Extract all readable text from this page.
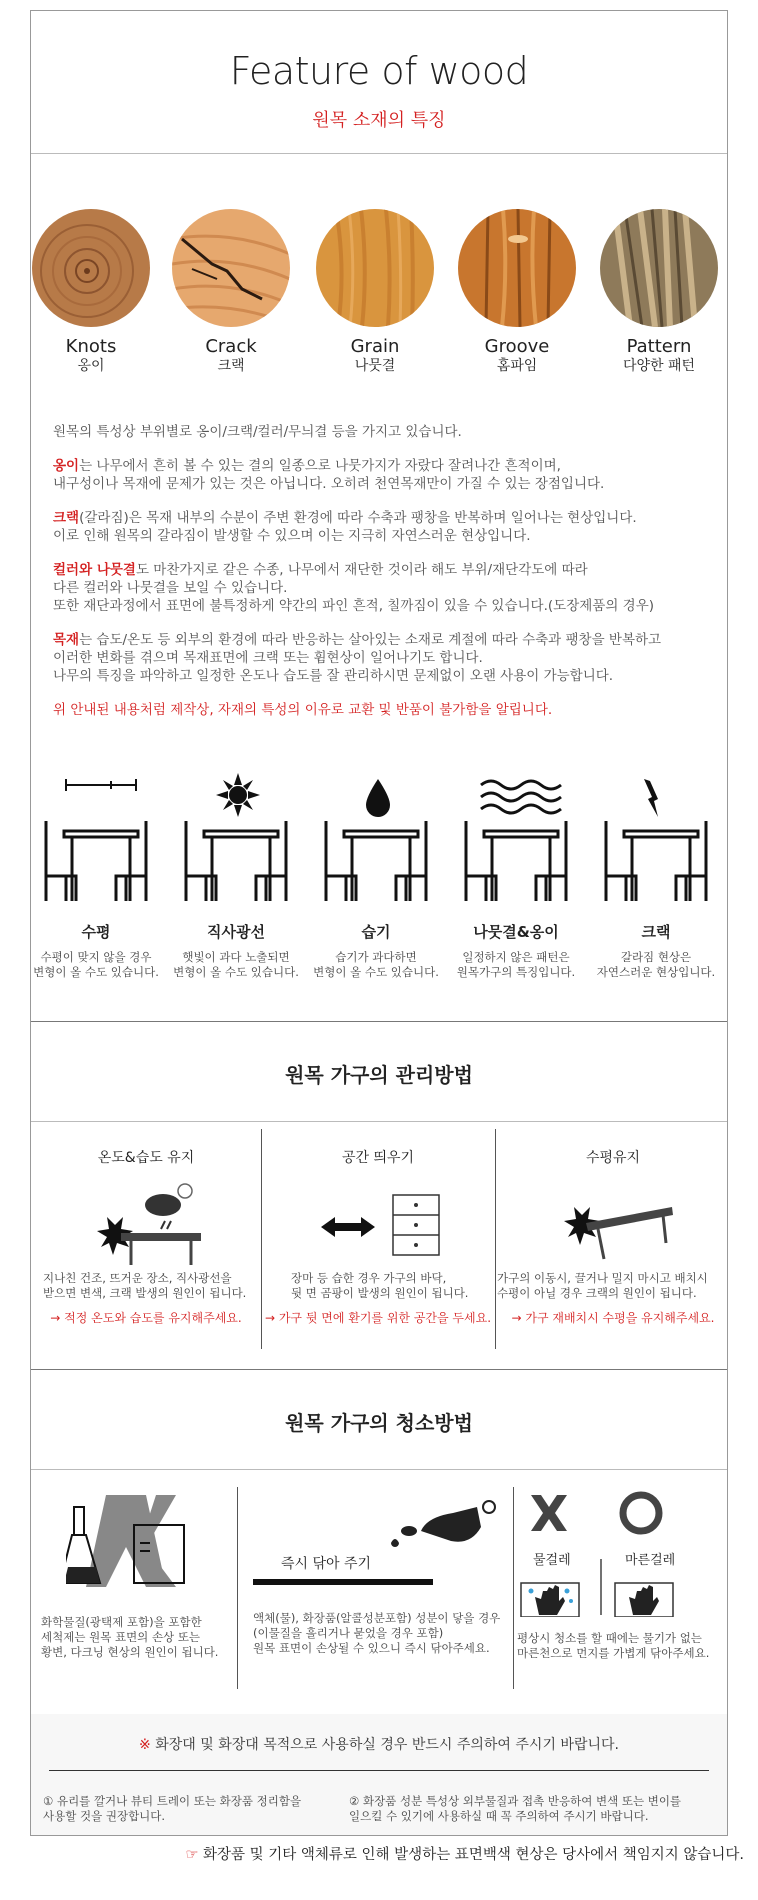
Feature of wood
원목 소재의 특징
Knots
옹이
Crack
크랙
Grain
나뭇결
Groove
홈파임
Pattern
다양한 패턴

원목의 특성상 부위별로 옹이/크랙/컬러/무늬결 등을 가지고 있습니다.

옹이는 나무에서 흔히 볼 수 있는 결의 일종으로 나뭇가지가 자랐다 잘려나간 흔적이며,
내구성이나 목재에 문제가 있는 것은 아닙니다. 오히려 천연목재만이 가질 수 있는 장점입니다.

크랙(갈라짐)은 목재 내부의 수분이 주변 환경에 따라 수축과 팽창을 반복하며 일어나는 현상입니다.
이로 인해 원목의 갈라짐이 발생할 수 있으며 이는 지극히 자연스러운 현상입니다.

컬러와 나뭇결도 마찬가지로 같은 수종, 나무에서 재단한 것이라 해도 부위/재단각도에 따라
다른 컬러와 나뭇결을 보일 수 있습니다.
또한 재단과정에서 표면에 불특정하게 약간의 파인 흔적, 칠까짐이 있을 수 있습니다.(도장제품의 경우)

목재는 습도/온도 등 외부의 환경에 따라 반응하는 살아있는 소재로 계절에 따라 수축과 팽창을 반복하고
이러한 변화를 겪으며 목재표면에 크랙 또는 휨현상이 일어나기도 합니다.
나무의 특징을 파악하고 일정한 온도나 습도를 잘 관리하시면 문제없이 오랜 사용이 가능합니다.

위 안내된 내용처럼 제작상, 자재의 특성의 이유로 교환 및 반품이 불가함을 알립니다.

수평
수평이 맞지 않을 경우
변형이 올 수도 있습니다.
직사광선
햇빛이 과다 노출되면
변형이 올 수도 있습니다.
습기
습기가 과다하면
변형이 올 수도 있습니다.
나뭇결&옹이
일정하지 않은 패턴은
원목가구의 특징입니다.
크랙
갈라짐 현상은
자연스러운 현상입니다.
원목 가구의 관리방법
온도&습도 유지
지나친 건조, 뜨거운 장소, 직사광선을
받으면 변색, 크랙 발생의 원인이 됩니다.
→ 적정 온도와 습도를 유지해주세요.
공간 띄우기
장마 등 습한 경우 가구의 바닥,
뒷 면 곰팡이 발생의 원인이 됩니다.
→ 가구 뒷 면에 환기를 위한 공간을 두세요.
수평유지
가구의 이동시, 끌거나 밀지 마시고 배치시
수평이 아닐 경우 크랙의 원인이 됩니다.
→ 가구 재배치시 수평을 유지해주세요.
원목 가구의 청소방법
화학물질(광택제 포함)을 포함한
세척제는 원목 표면의 손상 또는
황변, 다크닝 현상의 원인이 됩니다.
즉시 닦아 주기
액체(물), 화장품(알콜성분포함) 성분이 닿을 경우
(이물질을 흘리거나 묻었을 경우 포함)
원목 표면이 손상될 수 있으니 즉시 닦아주세요.
물걸레	마른걸레
평상시 청소를 할 때에는 물기가 없는
마른천으로 먼지를 가볍게 닦아주세요.
※ 화장대 및 화장대 목적으로 사용하실 경우 반드시 주의하여 주시기 바랍니다.
① 유리를 깔거나 뷰티 트레이 또는 화장품 정리함을
사용할 것을 권장합니다.
② 화장품 성분 특성상 외부물질과 접촉 반응하여 변색 또는 변이를
일으킬 수 있기에 사용하실 때 꼭 주의하여 주시기 바랍니다.
☞ 화장품 및 기타 액체류로 인해 발생하는 표면백색 현상은 당사에서 책임지지 않습니다.
